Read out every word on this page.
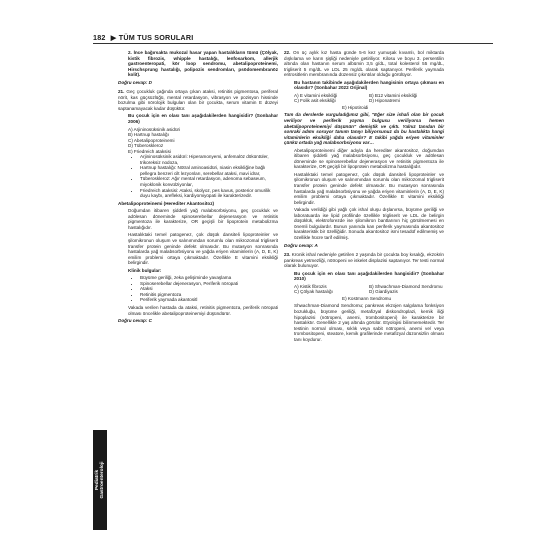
182 ▶ TÜM TUS SORULARI

2. İnce bağırsakta mukozal hasar yapan hastalıkların tümü (Çölyak, kistik fibrozis, whipple hastalığı, lenfosarkom, allerjik gastroenteropati, kör loop sendromu, abetalipoproteinemi, Hirschsprung hastalığı, polipozis sendromları, psödomembranöz kolit).

Doğru cevap: D

21. Geç çocukluk çağında ortaya çıkan ataksi, retinitis pigmentosa, periferal nörit, kas güçsüzlüğü, mental retardasyon, vibrasyon ve pozisyon hissinde bozulma gibi nörolojik bulguları olan bir çocukta, serum vitamin E düzeyi saptanamayacak kadar düşüktür.

Bu çocuk için en olası tanı aşağıdakilerden hangisidir? (Sonbahar 2006)

A) Arjininosüksinik asidüri
B) Hartnup hastalığı
C) Abetalipoproteinemi
D) Tüberoskleroz
E) Friedreich ataksisi
• Arjininosüksinik asidüri: Hiperamonyemi, anfemalöz döküntüler, trikoreksiz nodoza,
• Hartnup hastalığı: Nötral aminoasidüri, niasin eksikliğine bağlı pellegra benzeri cilt lezyonları, serebellar ataksi, mavi idrar,
• Tüberoskleroz: Ağır mental retardasyon, adenoma sebaseum, miyoklonik konvülziyonlar,
• Friedreich ataksisi: Ataksi, skolyoz, pes kavus, posterior omurilik duyu kaybı, arefleksi, kardiyomiyopati ile karakterizedir.

Abetalipoproteinemi (Herediter Akantositoz)

Doğumdan itibaren şiddetli yağ malabsorbsiyonu, geç çocukluk ve adölesan döneminde spinoserebellar dejenerasyon ve retinitis pigmentoza ile karakterize, OR geçişli bir lipoprotein metabolizma hastalığıdır.

Hastalıktaki temel patogenez, çok düşük dansiteli lipoproteinler ve şilomikronun oluşum ve salınımından sorumlu olan mikrozomal trigliserit transfer protein geninde defekt olmasıdır. Bu mutasyon sonrasında hastalarda yağ malabsorbsiyonu ve yağda eriyen vitaminlerin (A, D, E, K) emilim problemi ortaya çıkmaktadır. Özellikle E vitamini eksikliği belirgindir.

Klinik bulgular:

• Büyüme geriliği, zeka gelişiminde yavaşlama
• Spinoserebellar dejenerasyon, Periferik nöropati
• Ataksi
• Retinitis pigmentoza
• Periferik yaymada akantositl

Vakada verilen hastada da ataksi, retinitis pigmentoza, periferik nöropati olması öncelikle abetalipoproteinemiyi düşündürür.

Doğru cevap: C

22. On üç aylık kız hasta günde 5-6 kez yumuşak kıvamlı, bol miktarda dışkılama ve karın şişliği nedeniyle getiriliyor. Kilosu ve boyu 3. persentilin altında olan hastanın serum albümin 3,5 g/dL, total kolesterol 55 mg/dL, trigliserit 5 mg/dL ve LDL 25 mg/dL olarak saptanıyor. Periferik yaymada eritrositlerin membranında düzensiz çıkıntılar olduğu görülüyor.

Bu hastanın takibinde aşağıdakilerden hangisinin ortaya çıkması en olasıdır? (Sonbahar 2022 Orijinal)

A) E vitamini eksikliği	B) B12 vitamini eksikliği
C) Folik asit eksikliği	D) Hiponatremi

E) Hipotiroidi

Tam da derslerde vurguladığımız gibi, "Eğer size ishali olan bir çocuk veriliyor ve periferik yayma bulgusu veriliyorsa hemen abetalipoproteinemiyi düşünün" demiştik ve çıktı. Yalnız tanıdan bir sonraki adımı soruyor tanıım tanıyı biliyorsunuz da bu hastalıkta hangi vitaminlerin eksikliği daha olasıdır? E takibi yağda eriyen vitaminler çünkü ortada yağ malabsorbsiyonu var…

Abetalipoproteinemi diğer adıyla da herediter akantositoz, doğumdan itibaren şiddetli yağ malabsorbsiyonu, geç çocukluk ve adölesan döneminde se spinoserebellar dejenerasyon ve retinitis pigmentoza ile karakterize, OR geçişli bir lipoprotein metabolizma hastalığıdır.

Hastalıktaki temel patogenez, çok düşük dansiteli lipoproteinler ve şilomikronun oluşum ve salınımından sorumlu olan mikrozomal trigliserit transfer protein geninde defekt olmasıdır. Bu mutasyon sonrasında hastalarda yağ malabsorbsiyonu ve yağda eriyen vitaminlerin (A, D, E, K) emilim problemi ortaya çıkmaktadır. Özellikle E vitamini eksikliği belirgindir.

Vakada verildiği gibi yağlı çok ishal oluşu dışlanırsa, büyüme geriliği ve laboratuarda ise lipid profilinde özellikle trigliserit ve LDL de belirgin düşüklük, elektroforezde ise şilomikron bantlarının hiç görülmemesi en önemli bulgulardır. Bunun yanında kan periferik yaymasında akantositoz karakteristik bir özelliğidir. Sonuda akantositoz ismi tesadüf edilmemiş ve özellikle hücre tarif edilmiş.

Doğru cevap: A

23. Kronik ishal nedeniyle getirilen 2 yaşında bir çocukta boy kısalığı, ekzokrin pankreas yetmezliği, nötropeni ve iskelet displazisi saptanıyor. Ter testi normal olarak bulunuyor.

Bu çocuk için en olası tanı aşağıdakilerden hangisidir? (Sonbahar 2010)

A) Kistik fibrozis	B) Shwachman-Diamond Sendromu
C) Çölyak hastalığı	D) Giardiyazis

E) Kostmann Sendromu

Shwachman-Diamond Sendromu; pankreas ekzojen salgılama fonksiyon bozukluğu, büyüme geriliği, metafizyal diskondroplazi, kemik iliği hipoplazisi (nötropeni, anemi, trombositopeni) ile karakterize bir hastalıktır. Genellikle 2 yaş altında görülür. Etyolojisi bilinmemektedir. Ter testinin normal olması, sıklık veya sabit nötropeni, anemi ve/ veya trombositopeni, steatore, kemik grafilerinde metafizyal düzonsizlin olması tanı koydurur.

Pediatrik Gastroenteroloji
